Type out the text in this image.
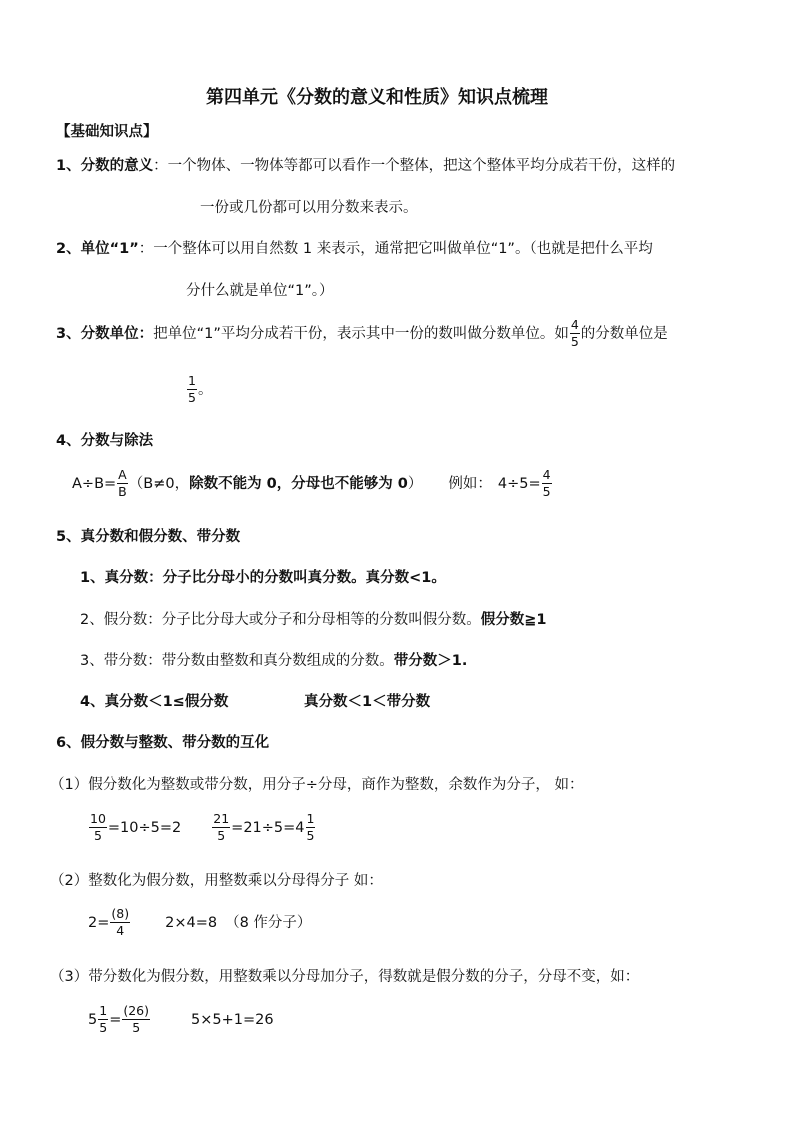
第四单元《分数的意义和性质》知识点梳理
【基础知识点】
1、分数的意义：一个物体、一物体等都可以看作一个整体，把这个整体平均分成若干份，这样的
一份或几份都可以用分数来表示。
2、单位“1”：一个整体可以用自然数 1 来表示，通常把它叫做单位“1”。（也就是把什么平均
分什么就是单位“1”。）
3、分数单位： 把单位“1”平均分成若干份，表示其中一份的数叫做分数单位。如 $\frac{4}{5}$ 的分数单位是
$\frac{1}{5}$ 。
4、分数与除法
$A\div B= \frac{A}{B} (B\ne 0$， 除数不能为 0，分母也不能够为 0 ） 例如： $4\div 5= \frac{4}{5}$
5、真分数和假分数、带分数
1、真分数：分子比分母小的分数叫真分数。真分数<1。
2、假分数：分子比分母大或分子和分母相等的分数叫假分数。假分数≧1
3、带分数：带分数由整数和真分数组成的分数。带分数＞1.
4、真分数＜1≤假分数	真分数＜1＜带分数
6、假分数与整数、带分数的互化
（1）假分数化为整数或带分数，用分子÷分母，商作为整数，余数作为分子， 如：
$\frac{10}{5} =10\div 5=2 \frac{21}{5} =21\div 5=4 \frac{1}{5}$
（2）整数化为假分数，用整数乘以分母得分子 如：
$2= \frac{(8)}{4} 2\times 4=8$ （8 作分子）
（3）带分数化为假分数，用整数乘以分母加分子，得数就是假分数的分子，分母不变，如：
$5 \frac{1}{5} = \frac{(26)}{5}$	5×5+1=26
